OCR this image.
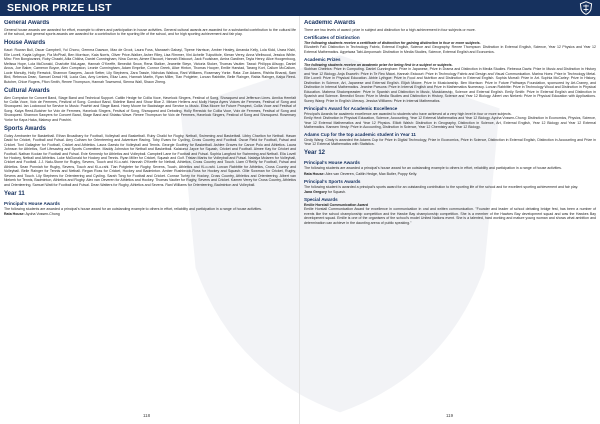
SENIOR PRIZE LIST
General Awards

General house awards are awarded for effort, example to others and participation in house activities. General cultural awards are awarded for a substantial contribution to the cultural life of the school, and general sports awards are awarded for a contribution to the sporting life of the school, and for high sporting achievement and fair play.

House Awards

Kauri: Rowan Bull, Oscar Campbell, Yui Chono, Gemma Dawson, Max de Groot, Laura Foss, Manaseh Gabayi, Tipene Harrison, Amber Healey, Amanda Kelly, Lola Kidd, Urara Kishi, Elle Lovell, Kayla Lythgoe, Fia McPhail, Ben Morrison, Kaia Norris, Oliver Price-Walker, Asher Riley, Lisa Rimmer, Vini Achelle Tuiputitole, Kieran Verey, Anna Wellwood, Jessica White. Miro: Finn Bongiovanni, Ruby Chaabi, Ailia Chikha, Daniel Cunningham, Nina Curran, Aimee Elscourt, Hannah Elstcourt, Jack Foulsham, Amira Gardiner, Tayla Henry, Alice Hoogenboog, Melissa Hope, Lola McDonald, Charlotte McLagan, Hannah O'Keeffe, Benedict Snow, Rena Stalker, Jeanette Steyn, Victoria Stoker, Thomas Vautier. Tawai: Philippa Allsopp, Daniel Arcus, Joe Baker, Cameron Boyce, Alex Compston, Leonie Cunningham, Adam Emprike, Connor Greek, Alice Hinton, Thomas Hooper, Emilie Harstad, Tarang Kort, Callum McCallum, Lucie Mcnulty, Holly Renwick, Shannon Sawyers, Jacob Setter, Lily Stephens, Zara Tassie, Nicholas Waikoa, Rani Williams, Rosemary Yorke. Rata: Zoe Adams, Rishita Bharati, Sam Bird, Rebecca Dean, Samuel Dowd Hill, Lucia Gao, Amy Lenkes, Eliaz Lanu, Hannah Martin, Ryan Miller, Tian Potgieter, Lorcan Rabbitte, Belle Rainger, Rabia Rainger, Kalya Reed-Butcher, Chloe Rogers, Ffion Smith, Renee Thompson, Hannah Townsend, Sienna Wall, Shaon Zheng.

Cultural Awards

Alex Compston for Concert Band, Stage Band and Technical Support. Caitlin Hedge for Collia Voce, Havelock Singers, Festival of Song, Showquest and Jefferson Lines. Annika Hemfalt for Collia Voce, Voix de Femmes, Festival of Song. Conduct Band, Sideline Band and Show Blue 2. Miriam Hellens and Molly Harpa Ayers Voices de Femmes, Festival of Song and Showquest. Ian Lockwood for Service to Music: Powhiri and Stage Band. Harry Moore for Backstage and Service to Music. Elisa Moore for Future Prospect, Collia Voce and Festival of Song. Kaiya Reed-Butcher for Voix de Femmes, Havelock Singers, Festival of Song, Showquest and Debating. Holly Renwick for Collia Voce, Voix de Femmes, Festival of Song and Showquest. Shannon Sawyers for Concert Band, Stage Band and Shiatsu Wave. Renee Thompson for Voix de Femmes, Havelock Singers, Festival of Song and Showquest. Rosemary Yorke for Kapa Haka, Makeup and Powhiri.

Sports Awards

Gutzy Armbanter for Basketball. Ethan Broadbary for Football, Volleyball and Basketball. Ruby Chaild for Rugby, Netball, Swimming and Basketball. Libby Charlton for Netball. Hasan Dadd for Cricket, Football and Futsal. Amy Culham for Orienteering and Adventure Racing. Toby Evans for Cycling, Cross Country and Football. Oscar Field for Football, Futsal and Cricket. Toni Gallagher for Football, Cricket and Athletics. Laura Gaesto for Volleyball and Tennis. Georgie Godfrey for Basketball. Ashlee Graves for Canoe Polo and Athletics. Laura Johnson for Athletics, Surf Lifesaving and Sports Committee. Maddy Johnston for Netball and Basketball. Kalaionui Jayce for Squash, Cricket and Football. Aimee Kay for Cricket and Football. Nathan Koolan for Football and Futsal. Evie Kennedy for Athletics and Volleyball. Campbell Lane for Football and Futsal. Sophia Langford for Swimming and Netball. Ella Lovell for Hockey, Netball and Athletics. Luke McDonald for Hockey and Tennis. Ryan Miller for Cricket, Squash and Golf. Tristan Marks for Volleyball and Futsal. Natalya Mclaren for Volleyball, Cricket and Football. J.J. Nalu-Stone for Rugby, Sevens, Touch and Ki-o-rahi. Hannah O'Keeffe for Netball, Athletics, Cross Country and Touch. Liam O'Reilly for Football, Futsal and Athletics. Sean Ponniah for Rugby, Sevens, Touch and Ki-o-rahi. Tian Potgieter for Rugby, Sevens, Touch, Athletics and Ki-o-rahi. Lorcan Rabbitte for Athletics, Cross Country and Volleyball. Belle Rainger for Tennis and Netball. Regan Ross for Cricket, Hockey and Badminton. Amber Rushbrook-Ross for Hockey and Squash. Ollie Sowman for Cricket, Rugby, Sevens and Touch. Lily Stephens for Orienteering and Cycling. Sarah Tong for Football and Cricket. Connar Turley for Hockey, Cross Country, Athletics and Orienteering. Albert van Niekerk for Tennis, Badminton, Athletics and Rugby. Alex van Oeveren for Athletics and Hockey. Thomas Vautier for Rugby, Sevens and Cricket. Kamen Verey for Cross Country, Athletics and Orienteering. Samuel Watt for Football and Futsal. Dean Watters for Rugby, Athletics and Sevens. Rani Williams for Orienteering, Badminton and Volleyball.

Year 11
Principal's House Awards

The following students are awarded a principal's house award for an outstanding example to others in effort, reliability and participation in a range of house activities.

Rata House: Ayoha Vossen-Chong

Academic Awards

There are two levels of award: prize in subject and distinction for a high achievement in four subjects or more.

Certificates of Distinction

The following students receive a certificate of distinction for gaining distinction in four or more subjects.

Elizabeth Fall: Distinction in Technology Fabric, External English, Science and Geography. Renee Thompson: Distinction in External English, Science, Year 12 Physics and Year 12 External Mathematics. Agyeiwaa Tabi-Amponsah: Distinction in Media Studies, Science, External English and Economics.

Academic Prizes

The following students receive an academic prize for being first in a subject or subjects.

Siobhan Cheihtra: Prize in Computing. Daniel Cunningham: Prize in Japanese, Prize in Drama and Distinction in Media Studies. Rebecca Davis: Prize in Music and Distinction in History and Year 12 Biology. Anja Esworth: Prize in Te Reo Maori. Hannah Estcourt: Prize in Technology Fabric and Design and Visual Communication. Marina Hoes: Prize in Technology Metal. Elle Lovell: Prize in Physical Education. Abbie Lythgoe: Prize in Food and Nutrition and Distinction in External English. Sophia Morrall: Prize in Art. Sophia McCarley: Prize in History, Distinction in Science, Art, Japanese and External English. Elijah Moore: Prize in Musicianship. Ben Morrison: Prize in Future Pathways Foundation, sponsored by Art-Craney, and Distinction in Internal Mathematics. Jeanine Parsons: Prize in Internal English and Prize in Mathematics Numeracy. Lorcan Rabbitte: Prize in Technology Wood and Distinction in Physical Education. Mabena Shalompeaster: Prize in Spanish and Distinction in Music, Musicianship, Science and External English. Emily Smith: Prize in External English and Distinction in Spanish and Science. Benedict Snow: Prize in Media Studies and Distinction in History, Science and Year 12 Biology. Albert van Niekerk: Prize in Physical Education with Applications. Sunny Wang: Prize in English Literacy. Jessica Williams: Prize in Internal Mathematics.

Principal's Award for Academic Excellence

Principal's Awards for academic excellence are awarded to students who have achieved at a very high level in four or more subjects.

Emily Hext: Distinction in Physical Education, Science, Accounting, Year 12 External Mathematics and Year 12 Biology. Ayoha Vossen-Chong: Distinction in Economics, Physics, Science, Year 12 External Mathematics and Year 12 Physics. Elliott Walsh: Distinction in Geography, Distinction in Science, Art, External English, Year 12 Biology and Year 12 External Mathematics. Kanwen Vesty: Prize in Accounting, Distinction in Science, Year 12 Chemistry and Year 12 Biology.

Adams Cup for the top academic student in Year 11

Cindy Wang: Cindy is awarded the Adams Cup for Prize in Digital Technology, Prize in Economics, Prize in Science, Distinction in External English, Distinction in Accounting and Prize in Year 12 External Mathematics with Statistics.

Year 12
Principal's House Awards

The following students are awarded a principal's house award for an outstanding example to others in effort, reliability and participation in a range of house activities.

Rata House: Alex van Oeveren, Caitlin Hedge, Max Butler, Poppy Kelly.

Principal's Sports Awards

The following student is awarded a principal's sports award for an outstanding contribution to the sporting life of the school and for excellent sporting achievement and fair play.

Jana Gregory for Squash.

Special Awards

Emilie Horstall Communication Award

Emilie Horstall Communication Award for excellence in communication in oral and written communication. "Founder and leader of school debating bridge fest, has been a number of events like the school championship competition and the Hawke Bay championship competition. She is a member of the Hawkes Bay development squad and was the Hawkes Bay development squad. Emilie is one of the organisers of the school's model United Nations event. She is a talented, hard working and mature young woman and shows what ambition and determination can achieve in the daunting arena of public speaking."

118	119
